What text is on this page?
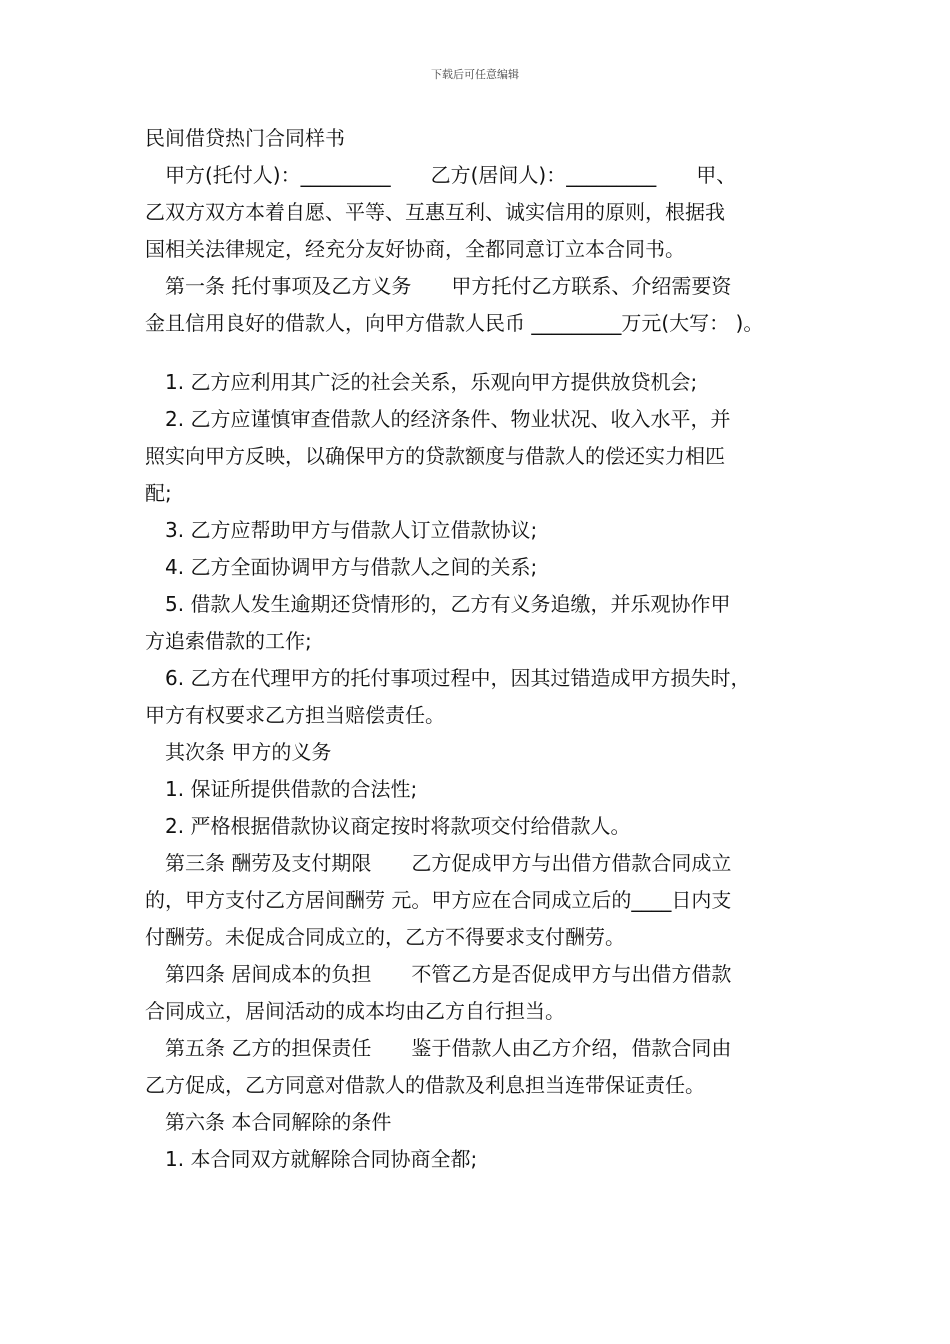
下载后可任意编辑
民间借贷热门合同样书
甲方(托付人)：_________　　乙方(居间人)：_________　　甲、
乙双方双方本着自愿、平等、互惠互利、诚实信用的原则，根据我
国相关法律规定，经充分友好协商，全都同意订立本合同书。
第一条 托付事项及乙方义务　　甲方托付乙方联系、介绍需要资
金且信用良好的借款人，向甲方借款人民币 _________万元(大写： )。
1. 乙方应利用其广泛的社会关系，乐观向甲方提供放贷机会;
2. 乙方应谨慎审查借款人的经济条件、物业状况、收入水平，并
照实向甲方反映，以确保甲方的贷款额度与借款人的偿还实力相匹
配;
3. 乙方应帮助甲方与借款人订立借款协议;
4. 乙方全面协调甲方与借款人之间的关系;
5. 借款人发生逾期还贷情形的，乙方有义务追缴，并乐观协作甲
方追索借款的工作;
6. 乙方在代理甲方的托付事项过程中，因其过错造成甲方损失时，
甲方有权要求乙方担当赔偿责任。
其次条 甲方的义务
1. 保证所提供借款的合法性;
2. 严格根据借款协议商定按时将款项交付给借款人。
第三条 酬劳及支付期限　　乙方促成甲方与出借方借款合同成立
的，甲方支付乙方居间酬劳 元。甲方应在合同成立后的____日内支
付酬劳。未促成合同成立的，乙方不得要求支付酬劳。
第四条 居间成本的负担　　不管乙方是否促成甲方与出借方借款
合同成立，居间活动的成本均由乙方自行担当。
第五条 乙方的担保责任　　鉴于借款人由乙方介绍，借款合同由
乙方促成，乙方同意对借款人的借款及利息担当连带保证责任。
第六条 本合同解除的条件
1. 本合同双方就解除合同协商全都;
